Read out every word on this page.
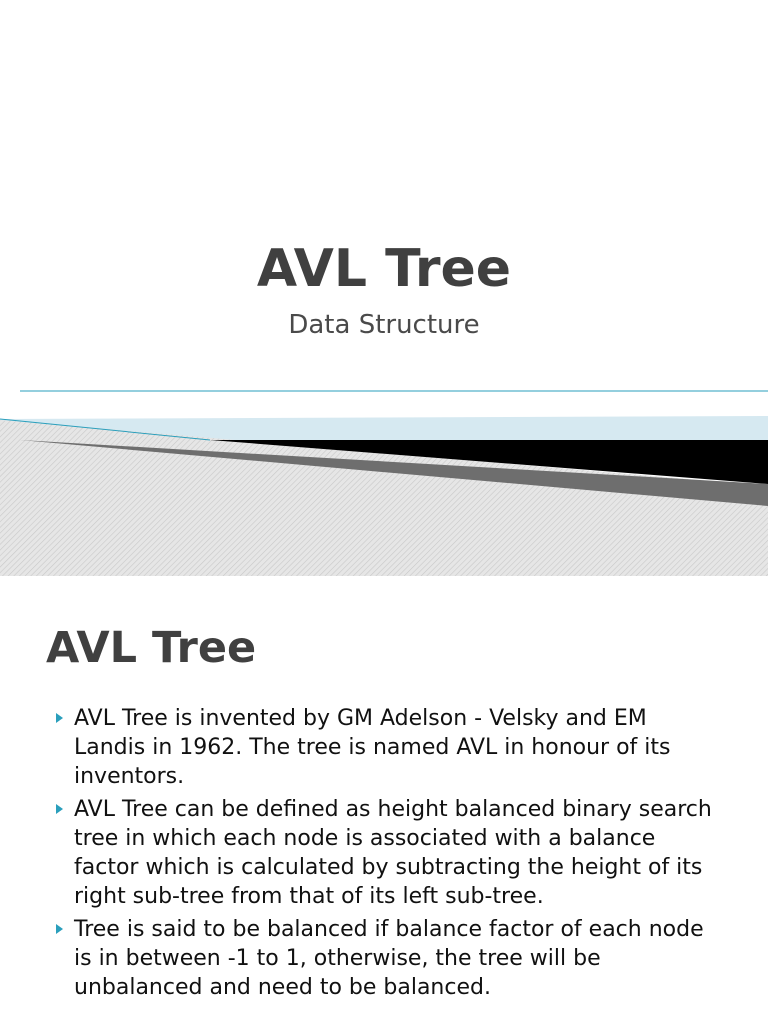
AVL Tree
Data Structure
AVL Tree
AVL Tree is invented by GM Adelson - Velsky and EM Landis in 1962. The tree is named AVL in honour of its inventors.
AVL Tree can be defined as height balanced binary search tree in which each node is associated with a balance factor which is calculated by subtracting the height of its right sub-tree from that of its left sub-tree.
Tree is said to be balanced if balance factor of each node is in between -1 to 1, otherwise, the tree will be unbalanced and need to be balanced.
